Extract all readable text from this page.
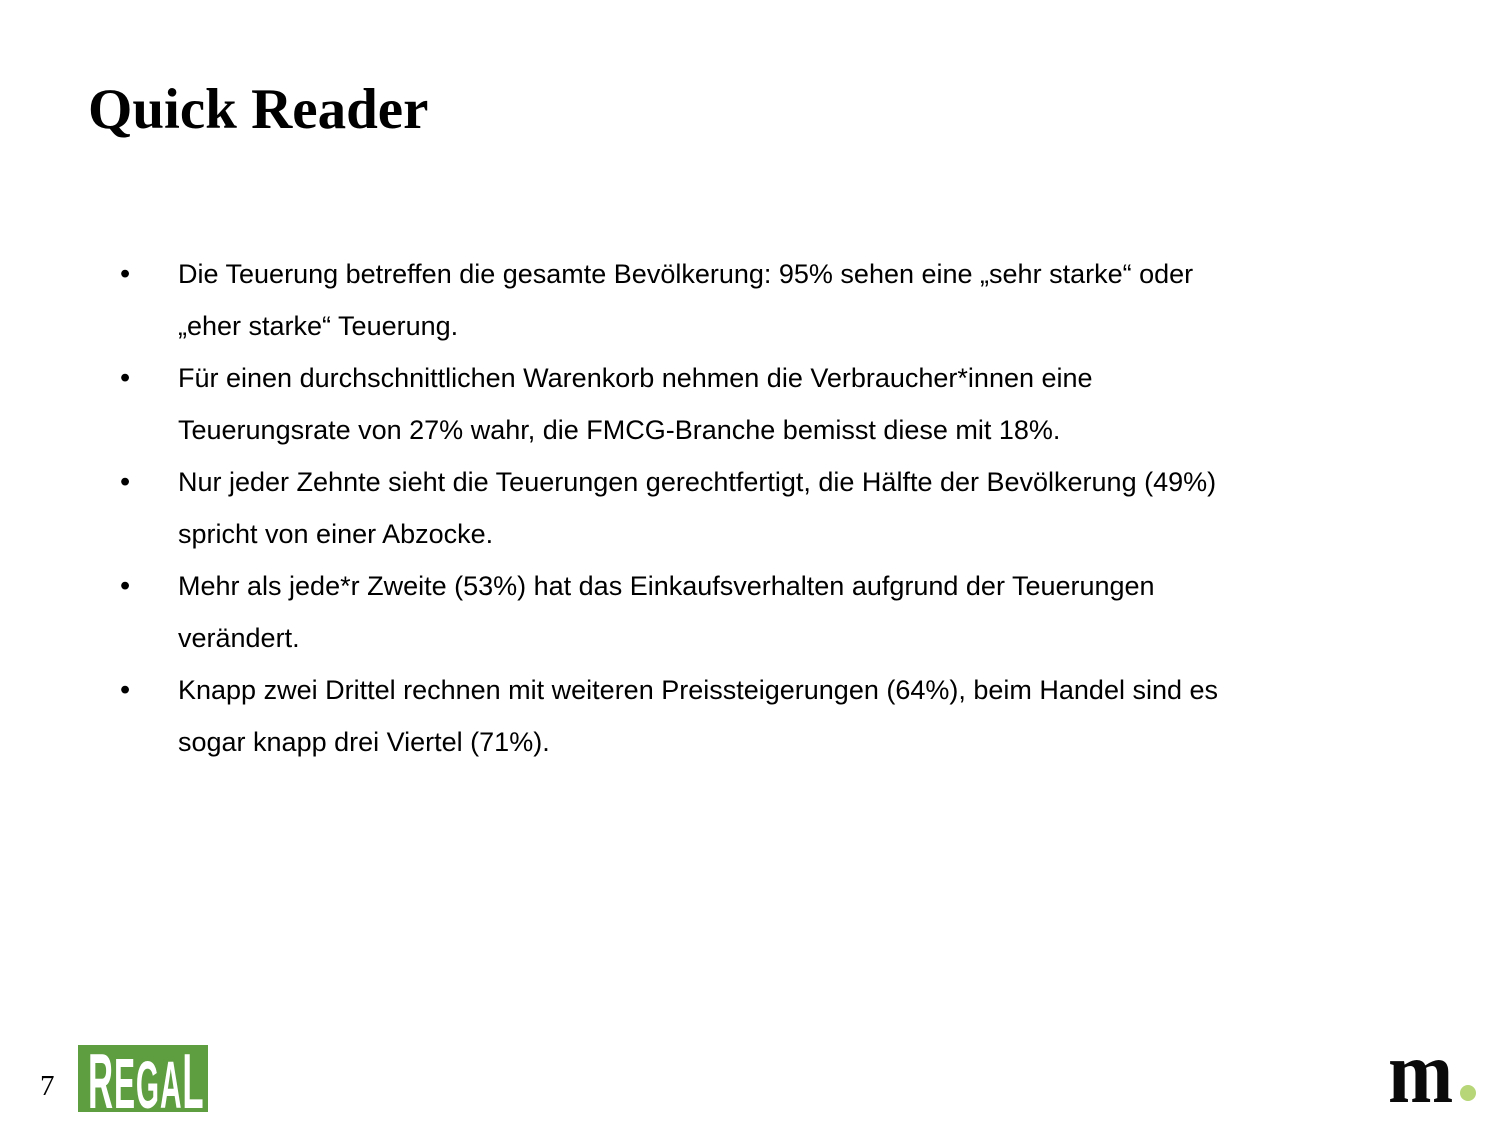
Quick Reader
• Die Teuerung betreffen die gesamte Bevölkerung: 95% sehen eine „sehr starke“ oder
„eher starke“ Teuerung.
• Für einen durchschnittlichen Warenkorb nehmen die Verbraucher*innen eine
Teuerungsrate von 27% wahr, die FMCG-Branche bemisst diese mit 18%.
• Nur jeder Zehnte sieht die Teuerungen gerechtfertigt, die Hälfte der Bevölkerung (49%)
spricht von einer Abzocke.
• Mehr als jede*r Zweite (53%) hat das Einkaufsverhalten aufgrund der Teuerungen
verändert.
• Knapp zwei Drittel rechnen mit weiteren Preissteigerungen (64%), beim Handel sind es
sogar knapp drei Viertel (71%).
7 REGAL	m
